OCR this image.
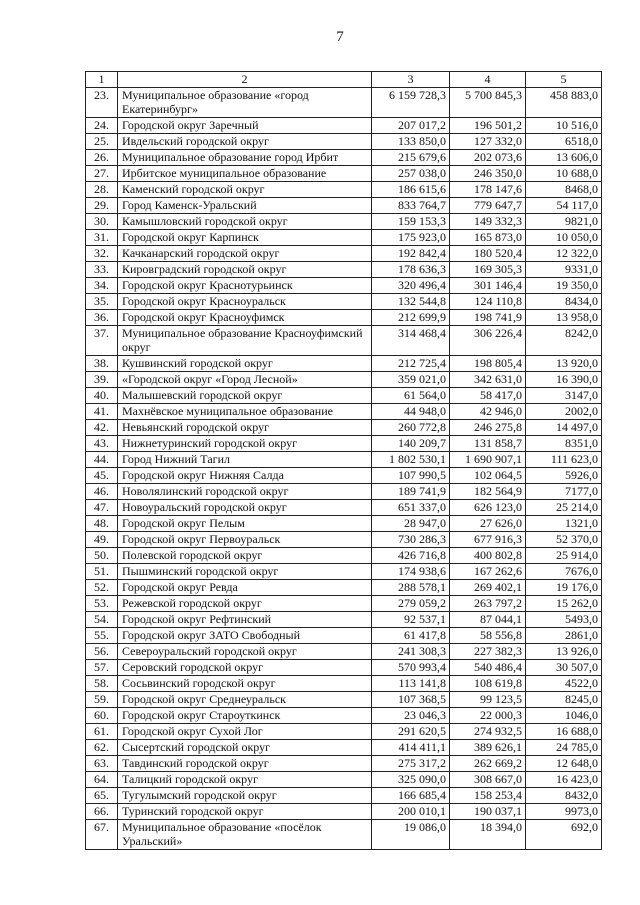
7
1	2	3	4	5
23.	Муниципальное образование «город Екатеринбург»	6 159 728,3	5 700 845,3	458 883,0
24.	Городской округ Заречный	207 017,2	196 501,2	10 516,0
25.	Ивдельский городской округ	133 850,0	127 332,0	6518,0
26.	Муниципальное образование город Ирбит	215 679,6	202 073,6	13 606,0
27.	Ирбитское муниципальное образование	257 038,0	246 350,0	10 688,0
28.	Каменский городской округ	186 615,6	178 147,6	8468,0
29.	Город Каменск-Уральский	833 764,7	779 647,7	54 117,0
30.	Камышловский городской округ	159 153,3	149 332,3	9821,0
31.	Городской округ Карпинск	175 923,0	165 873,0	10 050,0
32.	Качканарский городской округ	192 842,4	180 520,4	12 322,0
33.	Кировградский городской округ	178 636,3	169 305,3	9331,0
34.	Городской округ Краснотурьинск	320 496,4	301 146,4	19 350,0
35.	Городской округ Красноуральск	132 544,8	124 110,8	8434,0
36.	Городской округ Красноуфимск	212 699,9	198 741,9	13 958,0
37.	Муниципальное образование Красноуфимский округ	314 468,4	306 226,4	8242,0
38.	Кушвинский городской округ	212 725,4	198 805,4	13 920,0
39.	«Городской округ «Город Лесной»	359 021,0	342 631,0	16 390,0
40.	Малышевский городской округ	61 564,0	58 417,0	3147,0
41.	Махнёвское муниципальное образование	44 948,0	42 946,0	2002,0
42.	Невьянский городской округ	260 772,8	246 275,8	14 497,0
43.	Нижнетуринский городской округ	140 209,7	131 858,7	8351,0
44.	Город Нижний Тагил	1 802 530,1	1 690 907,1	111 623,0
45.	Городской округ Нижняя Салда	107 990,5	102 064,5	5926,0
46.	Новолялинский городской округ	189 741,9	182 564,9	7177,0
47.	Новоуральский городской округ	651 337,0	626 123,0	25 214,0
48.	Городской округ Пелым	28 947,0	27 626,0	1321,0
49.	Городской округ Первоуральск	730 286,3	677 916,3	52 370,0
50.	Полевской городской округ	426 716,8	400 802,8	25 914,0
51.	Пышминский городской округ	174 938,6	167 262,6	7676,0
52.	Городской округ Ревда	288 578,1	269 402,1	19 176,0
53.	Режевской городской округ	279 059,2	263 797,2	15 262,0
54.	Городской округ Рефтинский	92 537,1	87 044,1	5493,0
55.	Городской округ ЗАТО Свободный	61 417,8	58 556,8	2861,0
56.	Североуральский городской округ	241 308,3	227 382,3	13 926,0
57.	Серовский городской округ	570 993,4	540 486,4	30 507,0
58.	Сосьвинский городской округ	113 141,8	108 619,8	4522,0
59.	Городской округ Среднеуральск	107 368,5	99 123,5	8245,0
60.	Городской округ Староуткинск	23 046,3	22 000,3	1046,0
61.	Городской округ Сухой Лог	291 620,5	274 932,5	16 688,0
62.	Сысертский городской округ	414 411,1	389 626,1	24 785,0
63.	Тавдинский городской округ	275 317,2	262 669,2	12 648,0
64.	Талицкий городской округ	325 090,0	308 667,0	16 423,0
65.	Тугулымский городской округ	166 685,4	158 253,4	8432,0
66.	Туринский городской округ	200 010,1	190 037,1	9973,0
67.	Муниципальное образование «посёлок Уральский»	19 086,0	18 394,0	692,0
